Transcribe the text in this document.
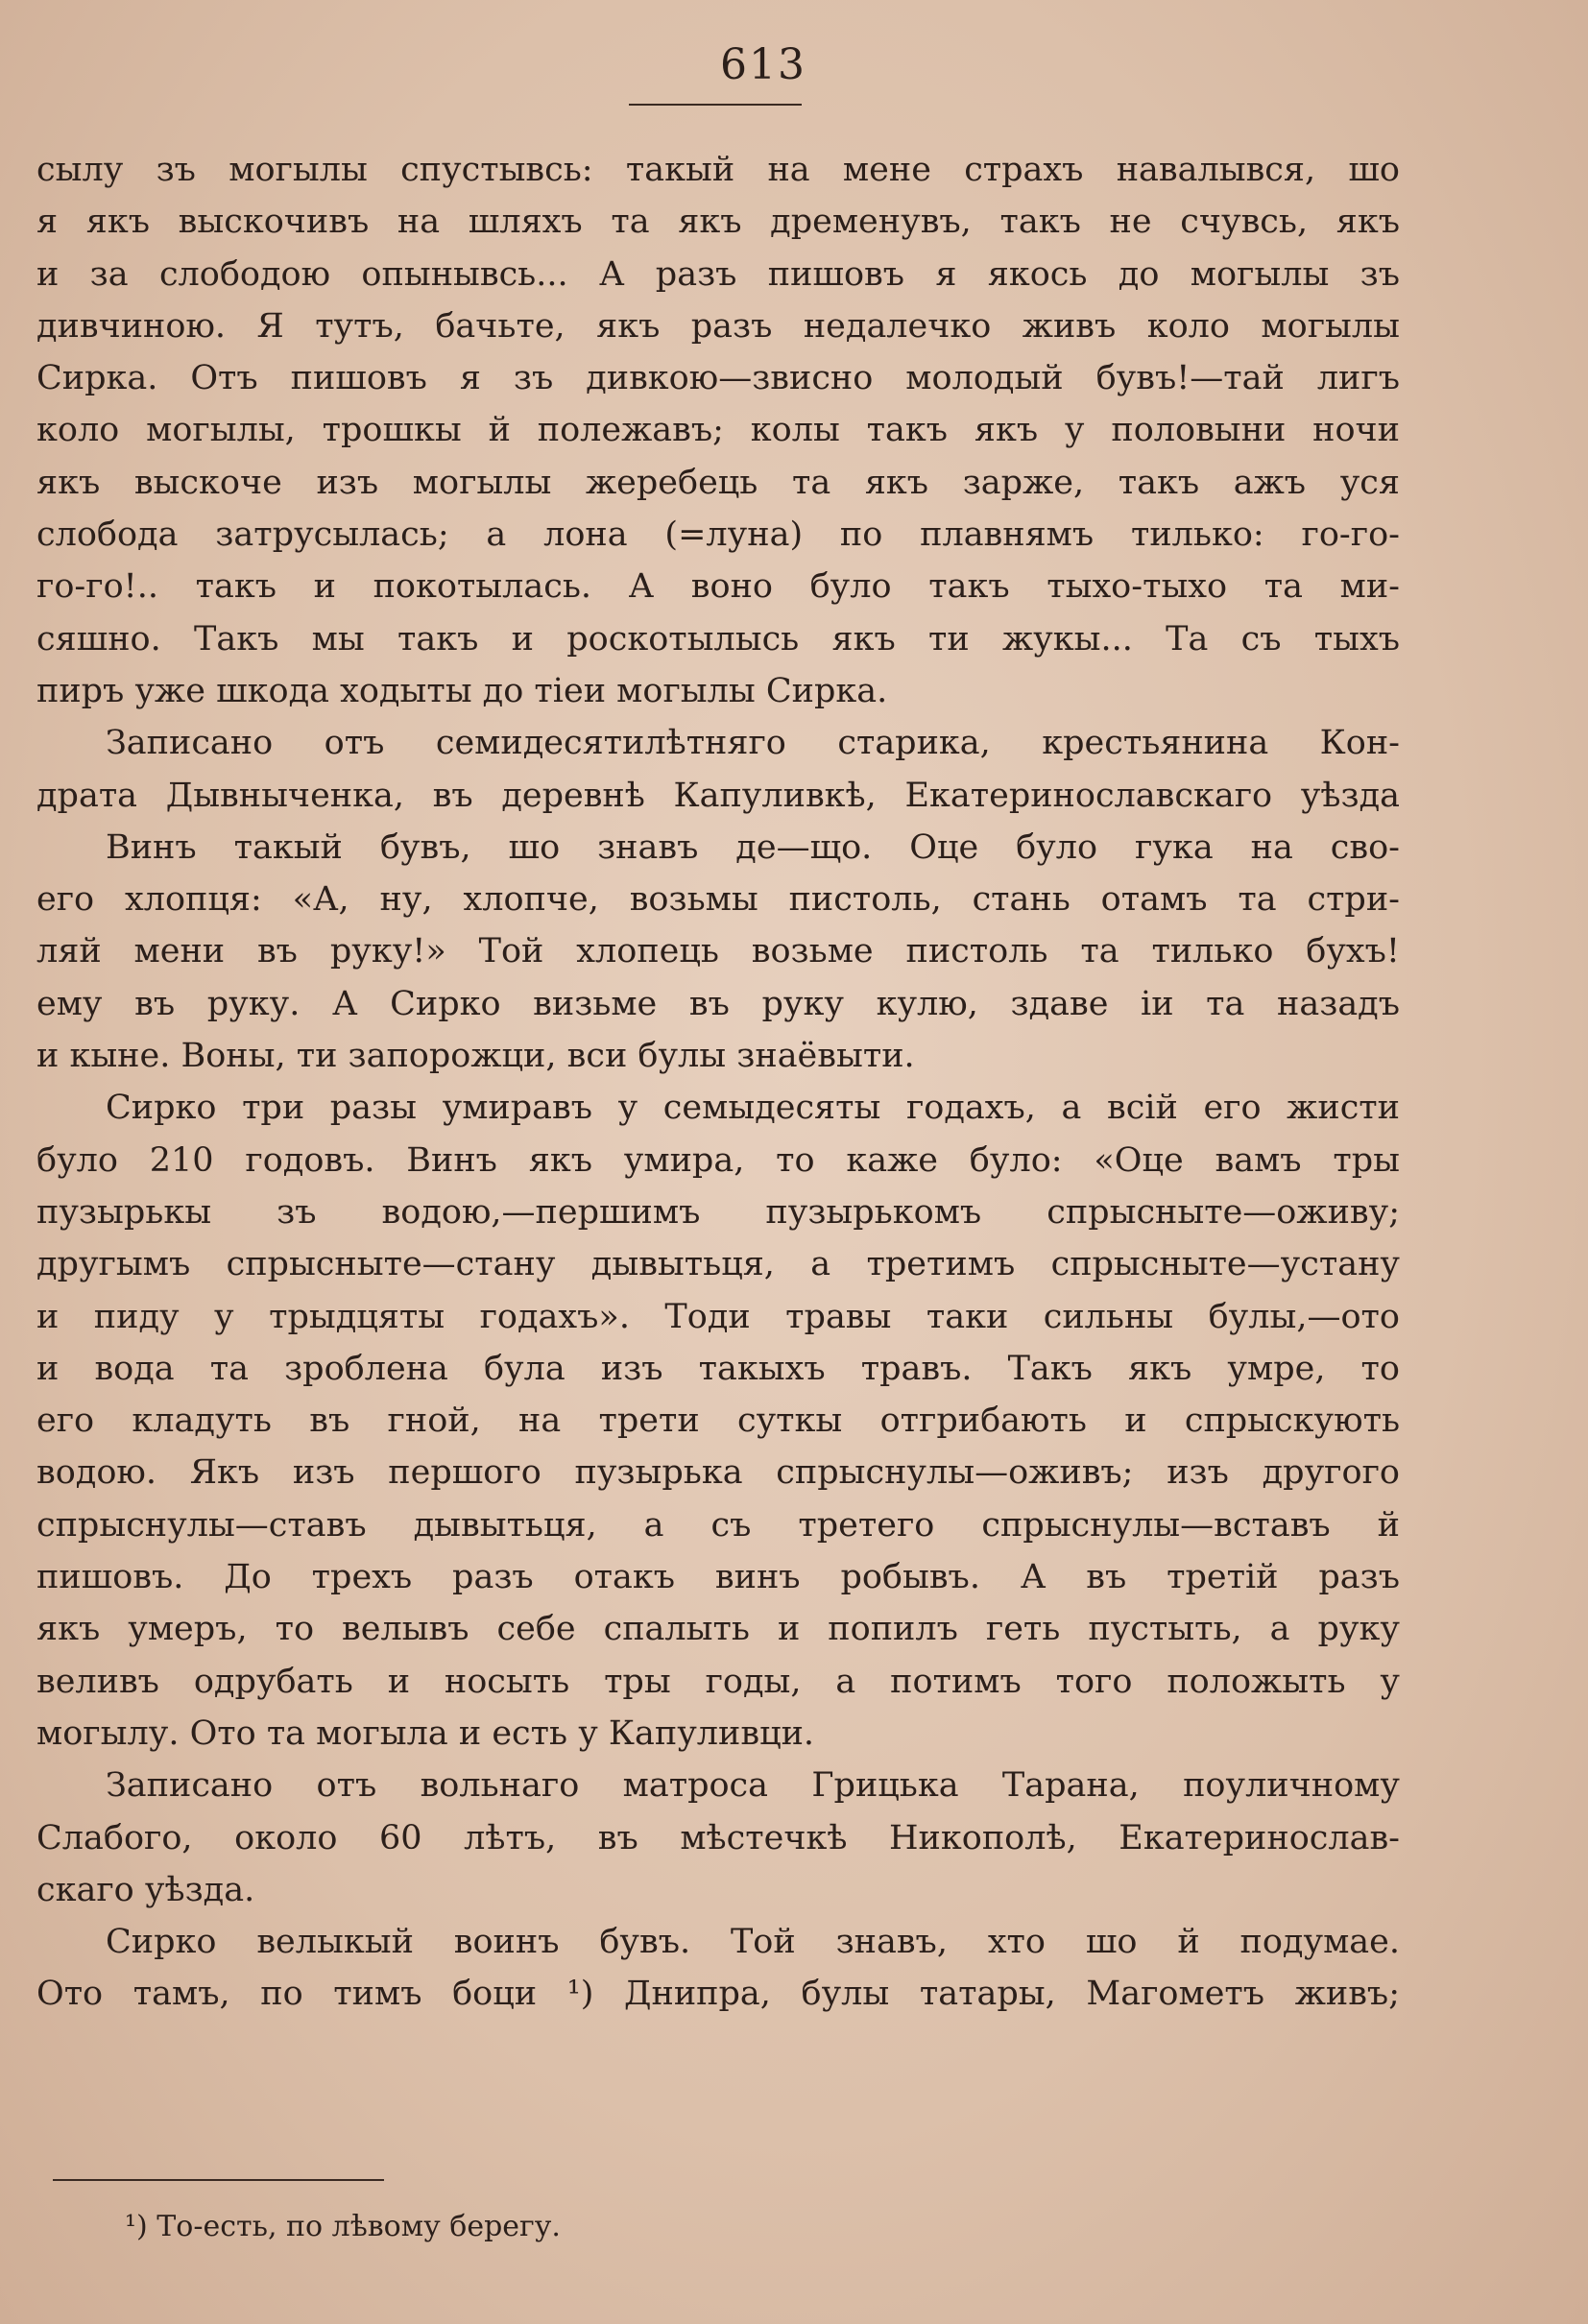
613
сылу зъ могылы спустывсь: такый на мене страхъ навалывся, шо
я якъ выскочивъ на шляхъ та якъ дременувъ, такъ не счувсь, якъ
и за слободою опынывсь... А разъ пишовъ я якось до могылы зъ
дивчиною. Я тутъ, бачьте, якъ разъ недалечко живъ коло могылы
Сирка. Отъ пишовъ я зъ дивкою—звисно молодый бувъ!—тай лигъ
коло могылы, трошкы й полежавъ; колы такъ якъ у половыни ночи
якъ выскоче изъ могылы жеребець та якъ зарже, такъ ажъ уся
слобода затрусылась; а лона (=луна) по плавнямъ тилько: го-го-
го-го!.. такъ и покотылась. А воно було такъ тыхо-тыхо та ми-
сяшно. Такъ мы такъ и роскотылысь якъ ти жукы... Та съ тыхъ
пиръ уже шкода ходыты до тіеи могылы Сирка.
Записано отъ семидесятилѣтняго старика, крестьянина Кон-
драта Дывныченка, въ деревнѣ Капуливкѣ, Екатеринославскаго уѣзда
Винъ такый бувъ, шо знавъ де—що. Оце було гука на сво-
его хлопця: «А, ну, хлопче, возьмы пистоль, стань отамъ та стри-
ляй мени въ руку!» Той хлопець возьме пистоль та тилько бухъ!
ему въ руку. А Сирко визьме въ руку кулю, здаве іи та назадъ
и кыне. Воны, ти запорожци, вси булы знаёвыти.
Сирко три разы умиравъ у семыдесяты годахъ, а всій его жисти
було 210 годовъ. Винъ якъ умира, то каже було: «Оце вамъ тры
пузырькы зъ водою,—першимъ пузырькомъ спрысныте—оживу;
другымъ спрысныте—стану дывытьця, а третимъ спрысныте—устану
и пиду у трыдцяты годахъ». Тоди травы таки сильны булы,—ото
и вода та зроблена була изъ такыхъ травъ. Такъ якъ умре, то
его кладуть въ гной, на трети суткы отгрибають и спрыскують
водою. Якъ изъ першого пузырька спрыснулы—оживъ; изъ другого
спрыснулы—ставъ дывытьця, а съ третего спрыснулы—вставъ й
пишовъ. До трехъ разъ отакъ винъ робывъ. А въ третій разъ
якъ умеръ, то велывъ себе спалыть и попилъ геть пустыть, а руку
веливъ одрубать и носыть тры годы, а потимъ того положыть у
могылу. Ото та могыла и есть у Капуливци.
Записано отъ вольнаго матроса Грицька Тарана, поуличному
Слабого, около 60 лѣтъ, въ мѣстечкѣ Никополѣ, Екатеринослав-
скаго уѣзда.
Сирко велыкый воинъ бувъ. Той знавъ, хто шо й подумае.
Ото тамъ, по тимъ боци ¹) Днипра, булы татары, Магометъ живъ;
¹) То-есть, по лѣвому берегу.
